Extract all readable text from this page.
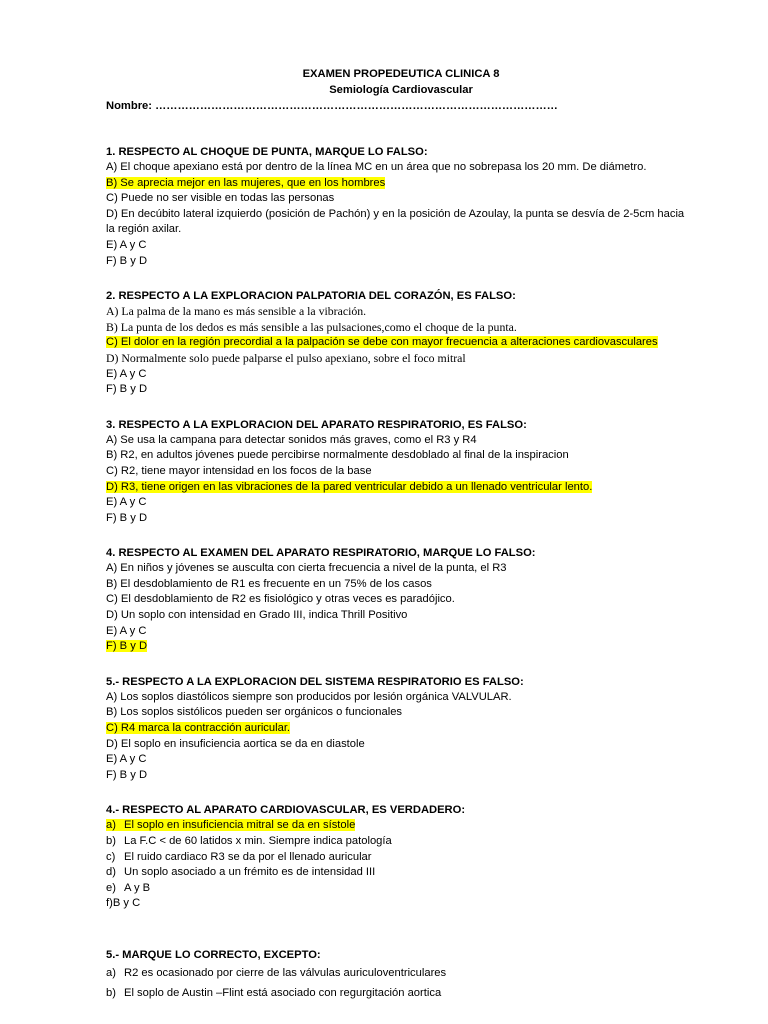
EXAMEN PROPEDEUTICA CLINICA 8
Semiología Cardiovascular
Nombre: ………………………………………………………………………………………………
1. RESPECTO AL CHOQUE DE PUNTA, MARQUE LO FALSO:
A) El choque apexiano está por dentro de la línea MC en un área que no sobrepasa los 20 mm. De diámetro.
B) Se aprecia mejor en las mujeres, que en los hombres
C) Puede no ser visible en todas las personas
D) En decúbito lateral izquierdo (posición de Pachón) y en la posición de Azoulay, la punta se desvía de 2-5cm hacia
la región axilar.
E) A y C
F) B y D
2. RESPECTO A LA EXPLORACION PALPATORIA DEL CORAZÓN, ES FALSO:
A) La palma de la mano es más sensible a la vibración.
B) La punta de los dedos es más sensible a las pulsaciones,como el choque de la punta.
C) El dolor en la región precordial a la palpación se debe con mayor frecuencia a alteraciones cardiovasculares
D) Normalmente solo puede palparse el pulso apexiano, sobre el foco mitral
E) A y C
F) B y D
3. RESPECTO A LA EXPLORACION DEL APARATO RESPIRATORIO, ES FALSO:
A) Se usa la campana para detectar sonidos más graves, como el R3 y R4
B) R2, en adultos jóvenes puede percibirse normalmente desdoblado al final de la inspiracion
C) R2, tiene mayor intensidad en los focos de la base
D) R3, tiene origen en las vibraciones de la pared ventricular debido a un llenado ventricular lento.
E) A y C
F) B y D
4. RESPECTO AL EXAMEN DEL APARATO RESPIRATORIO, MARQUE LO FALSO:
A) En niños y jóvenes se ausculta con cierta frecuencia a nivel de la punta, el R3
B) El desdoblamiento de R1 es frecuente en un 75% de los casos
C) El desdoblamiento de R2 es fisiológico y otras veces es paradójico.
D) Un soplo con intensidad en Grado III, indica Thrill Positivo
E) A y C
F) B y D
5.- RESPECTO A LA EXPLORACION DEL SISTEMA RESPIRATORIO ES FALSO:
A) Los soplos diastólicos siempre son producidos por lesión orgánica VALVULAR.
B) Los soplos sistólicos pueden ser orgánicos o funcionales
C) R4 marca la contracción auricular.
D) El soplo en insuficiencia aortica se da en diastole
E) A y C
F) B y D
4.- RESPECTO AL APARATO CARDIOVASCULAR, ES VERDADERO:
a) El soplo en insuficiencia mitral se da en sístole
b) La F.C < de 60 latidos x min. Siempre indica patología
c) El ruido cardiaco R3 se da por el llenado auricular
d) Un soplo asociado a un frémito es de intensidad III
e) A y B
f)B y C
5.- MARQUE LO CORRECTO, EXCEPTO:
a) R2 es ocasionado por cierre de las válvulas auriculoventriculares
b) El soplo de Austin –Flint está asociado con regurgitación aortica
